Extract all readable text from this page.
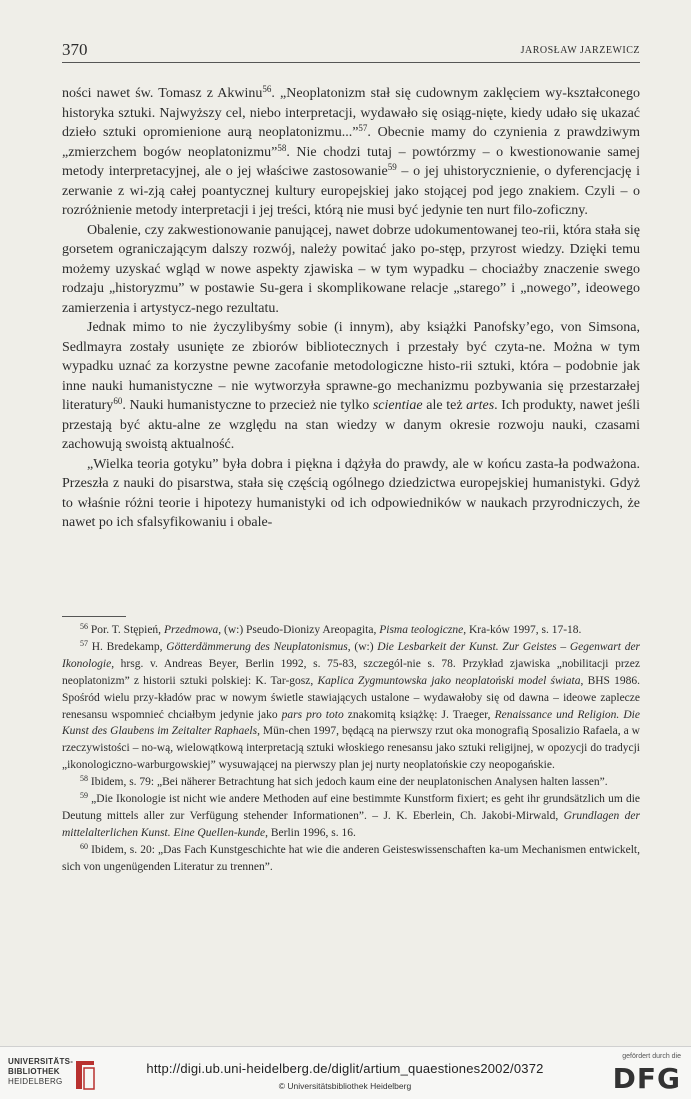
370	JAROSŁAW JARZEWICZ

ności nawet św. Tomasz z Akwinu$^{56}$. „Neoplatonizm stał się cudownym zaklęciem wy-kształconego historyka sztuki. Najwyższy cel, niebo interpretacji, wydawało się osiąg-nięte, kiedy udało się ukazać dzieło sztuki opromienione aurą neoplatonizmu...”$^{57}$. Obecnie mamy do czynienia z prawdziwym „zmierzchem bogów neoplatonizmu”$^{58}$. Nie chodzi tutaj – powtórzmy – o kwestionowanie samej metody interpretacyjnej, ale o jej właściwe zastosowanie$^{59}$ – o jej uhistorycznienie, o dyferencjację i zerwanie z wi-zją całej poantycznej kultury europejskiej jako stojącej pod jego znakiem. Czyli – o rozróżnienie metody interpretacji i jej treści, którą nie musi być jedynie ten nurt filo-zoficzny.

Obalenie, czy zakwestionowanie panującej, nawet dobrze udokumentowanej teo-rii, która stała się gorsetem ograniczającym dalszy rozwój, należy powitać jako po-stęp, przyrost wiedzy. Dzięki temu możemy uzyskać wgląd w nowe aspekty zjawiska – w tym wypadku – chociażby znaczenie swego rodzaju „historyzmu” w postawie Su-gera i skomplikowane relacje „starego” i „nowego”, ideowego zamierzenia i artystycz-nego rezultatu.

Jednak mimo to nie życzylibyśmy sobie (i innym), aby książki Panofsky’ego, von Simsona, Sedlmayra zostały usunięte ze zbiorów bibliotecznych i przestały być czyta-ne. Można w tym wypadku uznać za korzystne pewne zacofanie metodologiczne histo-rii sztuki, która – podobnie jak inne nauki humanistyczne – nie wytworzyła sprawne-go mechanizmu pozbywania się przestarzałej literatury$^{60}$. Nauki humanistyczne to przecież nie tylko scientiae ale też artes. Ich produkty, nawet jeśli przestają być aktu-alne ze względu na stan wiedzy w danym okresie rozwoju nauki, czasami zachowują swoistą aktualność.

„Wielka teoria gotyku” była dobra i piękna i dążyła do prawdy, ale w końcu zasta-ła podważona. Przeszła z nauki do pisarstwa, stała się częścią ogólnego dziedzictwa europejskiej humanistyki. Gdyż to właśnie różni teorie i hipotezy humanistyki od ich odpowiedników w naukach przyrodniczych, że nawet po ich sfalsyfikowaniu i obale-

$^{56}$ Por. T. Stępień, Przedmowa, (w:) Pseudo-Dionizy Areopagita, Pisma teologiczne, Kra-ków 1997, s. 17-18.

$^{57}$ H. Bredekamp, Götterdämmerung des Neuplatonismus, (w:) Die Lesbarkeit der Kunst. Zur Geistes – Gegenwart der Ikonologie, hrsg. v. Andreas Beyer, Berlin 1992, s. 75-83, szczegól-nie s. 78. Przykład zjawiska „nobilitacji przez neoplatonizm” z historii sztuki polskiej: K. Tar-gosz, Kaplica Zygmuntowska jako neoplatoński model świata, BHS 1986. Spośród wielu przy-kładów prac w nowym świetle stawiających ustalone – wydawałoby się od dawna – ideowe zaplecze renesansu wspomnieć chciałbym jedynie jako pars pro toto znakomitą książkę: J. Traeger, Renaissance und Religion. Die Kunst des Glaubens im Zeitalter Raphaels, Mün-chen 1997, będącą na pierwszy rzut oka monografią Sposalizio Rafaela, a w rzeczywistości – no-wą, wielowątkową interpretacją sztuki włoskiego renesansu jako sztuki religijnej, w opozycji do tradycji „ikonologiczno-warburgowskiej” wysuwającej na pierwszy plan jej nurty neoplatońskie czy neopogańskie.

$^{58}$ Ibidem, s. 79: „Bei näherer Betrachtung hat sich jedoch kaum eine der neuplatonischen Analysen halten lassen”.

$^{59}$ „Die Ikonologie ist nicht wie andere Methoden auf eine bestimmte Kunstform fixiert; es geht ihr grundsätzlich um die Deutung mittels aller zur Verfügung stehender Informationen”. – J. K. Eberlein, Ch. Jakobi-Mirwald, Grundlagen der mittelalterlichen Kunst. Eine Quellen-kunde, Berlin 1996, s. 16.

$^{60}$ Ibidem, s. 20: „Das Fach Kunstgeschichte hat wie die anderen Geisteswissenschaften ka-um Mechanismen entwickelt, sich von ungenügenden Literatur zu trennen”.

UNIVERSITÄTS-
BIBLIOTHEK
HEIDELBERG
http://digi.ub.uni-heidelberg.de/diglit/artium_quaestiones2002/0372
© Universitätsbibliothek Heidelberg
gefördert durch die
DFG
